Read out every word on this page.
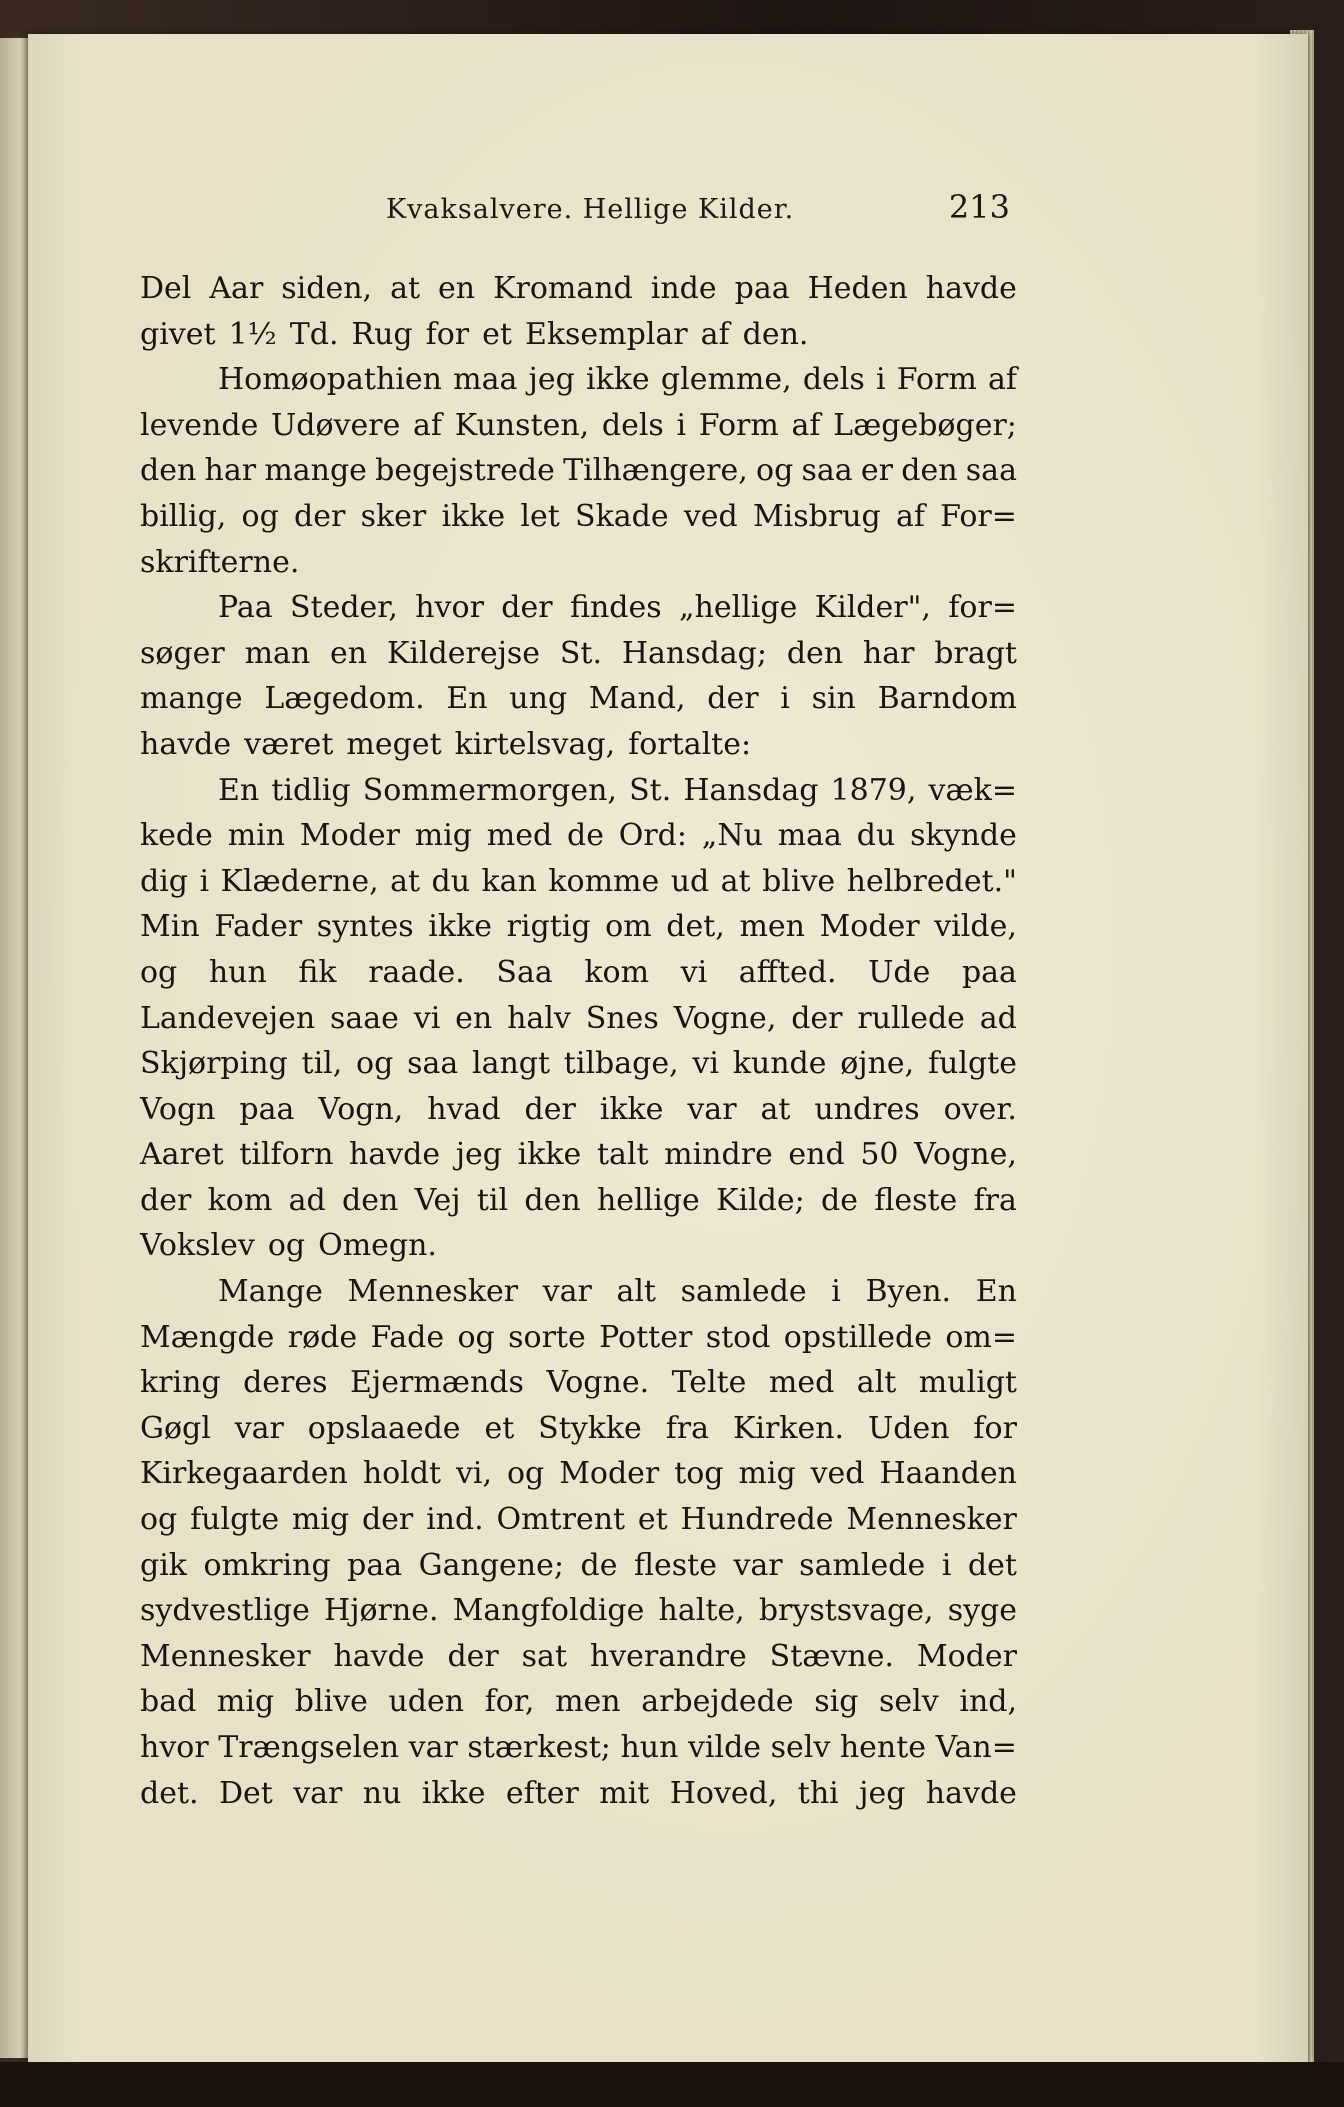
Kvaksalvere. Hellige Kilder.	213
Del Aar siden, at en Kromand inde paa Heden havde
givet 1½ Td. Rug for et Eksemplar af den.
Homøopathien maa jeg ikke glemme, dels i Form af
levende Udøvere af Kunsten, dels i Form af Lægebøger;
den har mange begejstrede Tilhængere, og saa er den saa
billig, og der sker ikke let Skade ved Misbrug af For=
skrifterne.
Paa Steder, hvor der findes „hellige Kilder", for=
søger man en Kilderejse St. Hansdag; den har bragt
mange Lægedom. En ung Mand, der i sin Barndom
havde været meget kirtelsvag, fortalte:
En tidlig Sommermorgen, St. Hansdag 1879, væk=
kede min Moder mig med de Ord: „Nu maa du skynde
dig i Klæderne, at du kan komme ud at blive helbredet."
Min Fader syntes ikke rigtig om det, men Moder vilde,
og hun fik raade. Saa kom vi affted. Ude paa
Landevejen saae vi en halv Snes Vogne, der rullede ad
Skjørping til, og saa langt tilbage, vi kunde øjne, fulgte
Vogn paa Vogn, hvad der ikke var at undres over.
Aaret tilforn havde jeg ikke talt mindre end 50 Vogne,
der kom ad den Vej til den hellige Kilde; de fleste fra
Vokslev og Omegn.
Mange Mennesker var alt samlede i Byen. En
Mængde røde Fade og sorte Potter stod opstillede om=
kring deres Ejermænds Vogne. Telte med alt muligt
Gøgl var opslaaede et Stykke fra Kirken. Uden for
Kirkegaarden holdt vi, og Moder tog mig ved Haanden
og fulgte mig der ind. Omtrent et Hundrede Mennesker
gik omkring paa Gangene; de fleste var samlede i det
sydvestlige Hjørne. Mangfoldige halte, brystsvage, syge
Mennesker havde der sat hverandre Stævne. Moder
bad mig blive uden for, men arbejdede sig selv ind,
hvor Trængselen var stærkest; hun vilde selv hente Van=
det. Det var nu ikke efter mit Hoved, thi jeg havde
